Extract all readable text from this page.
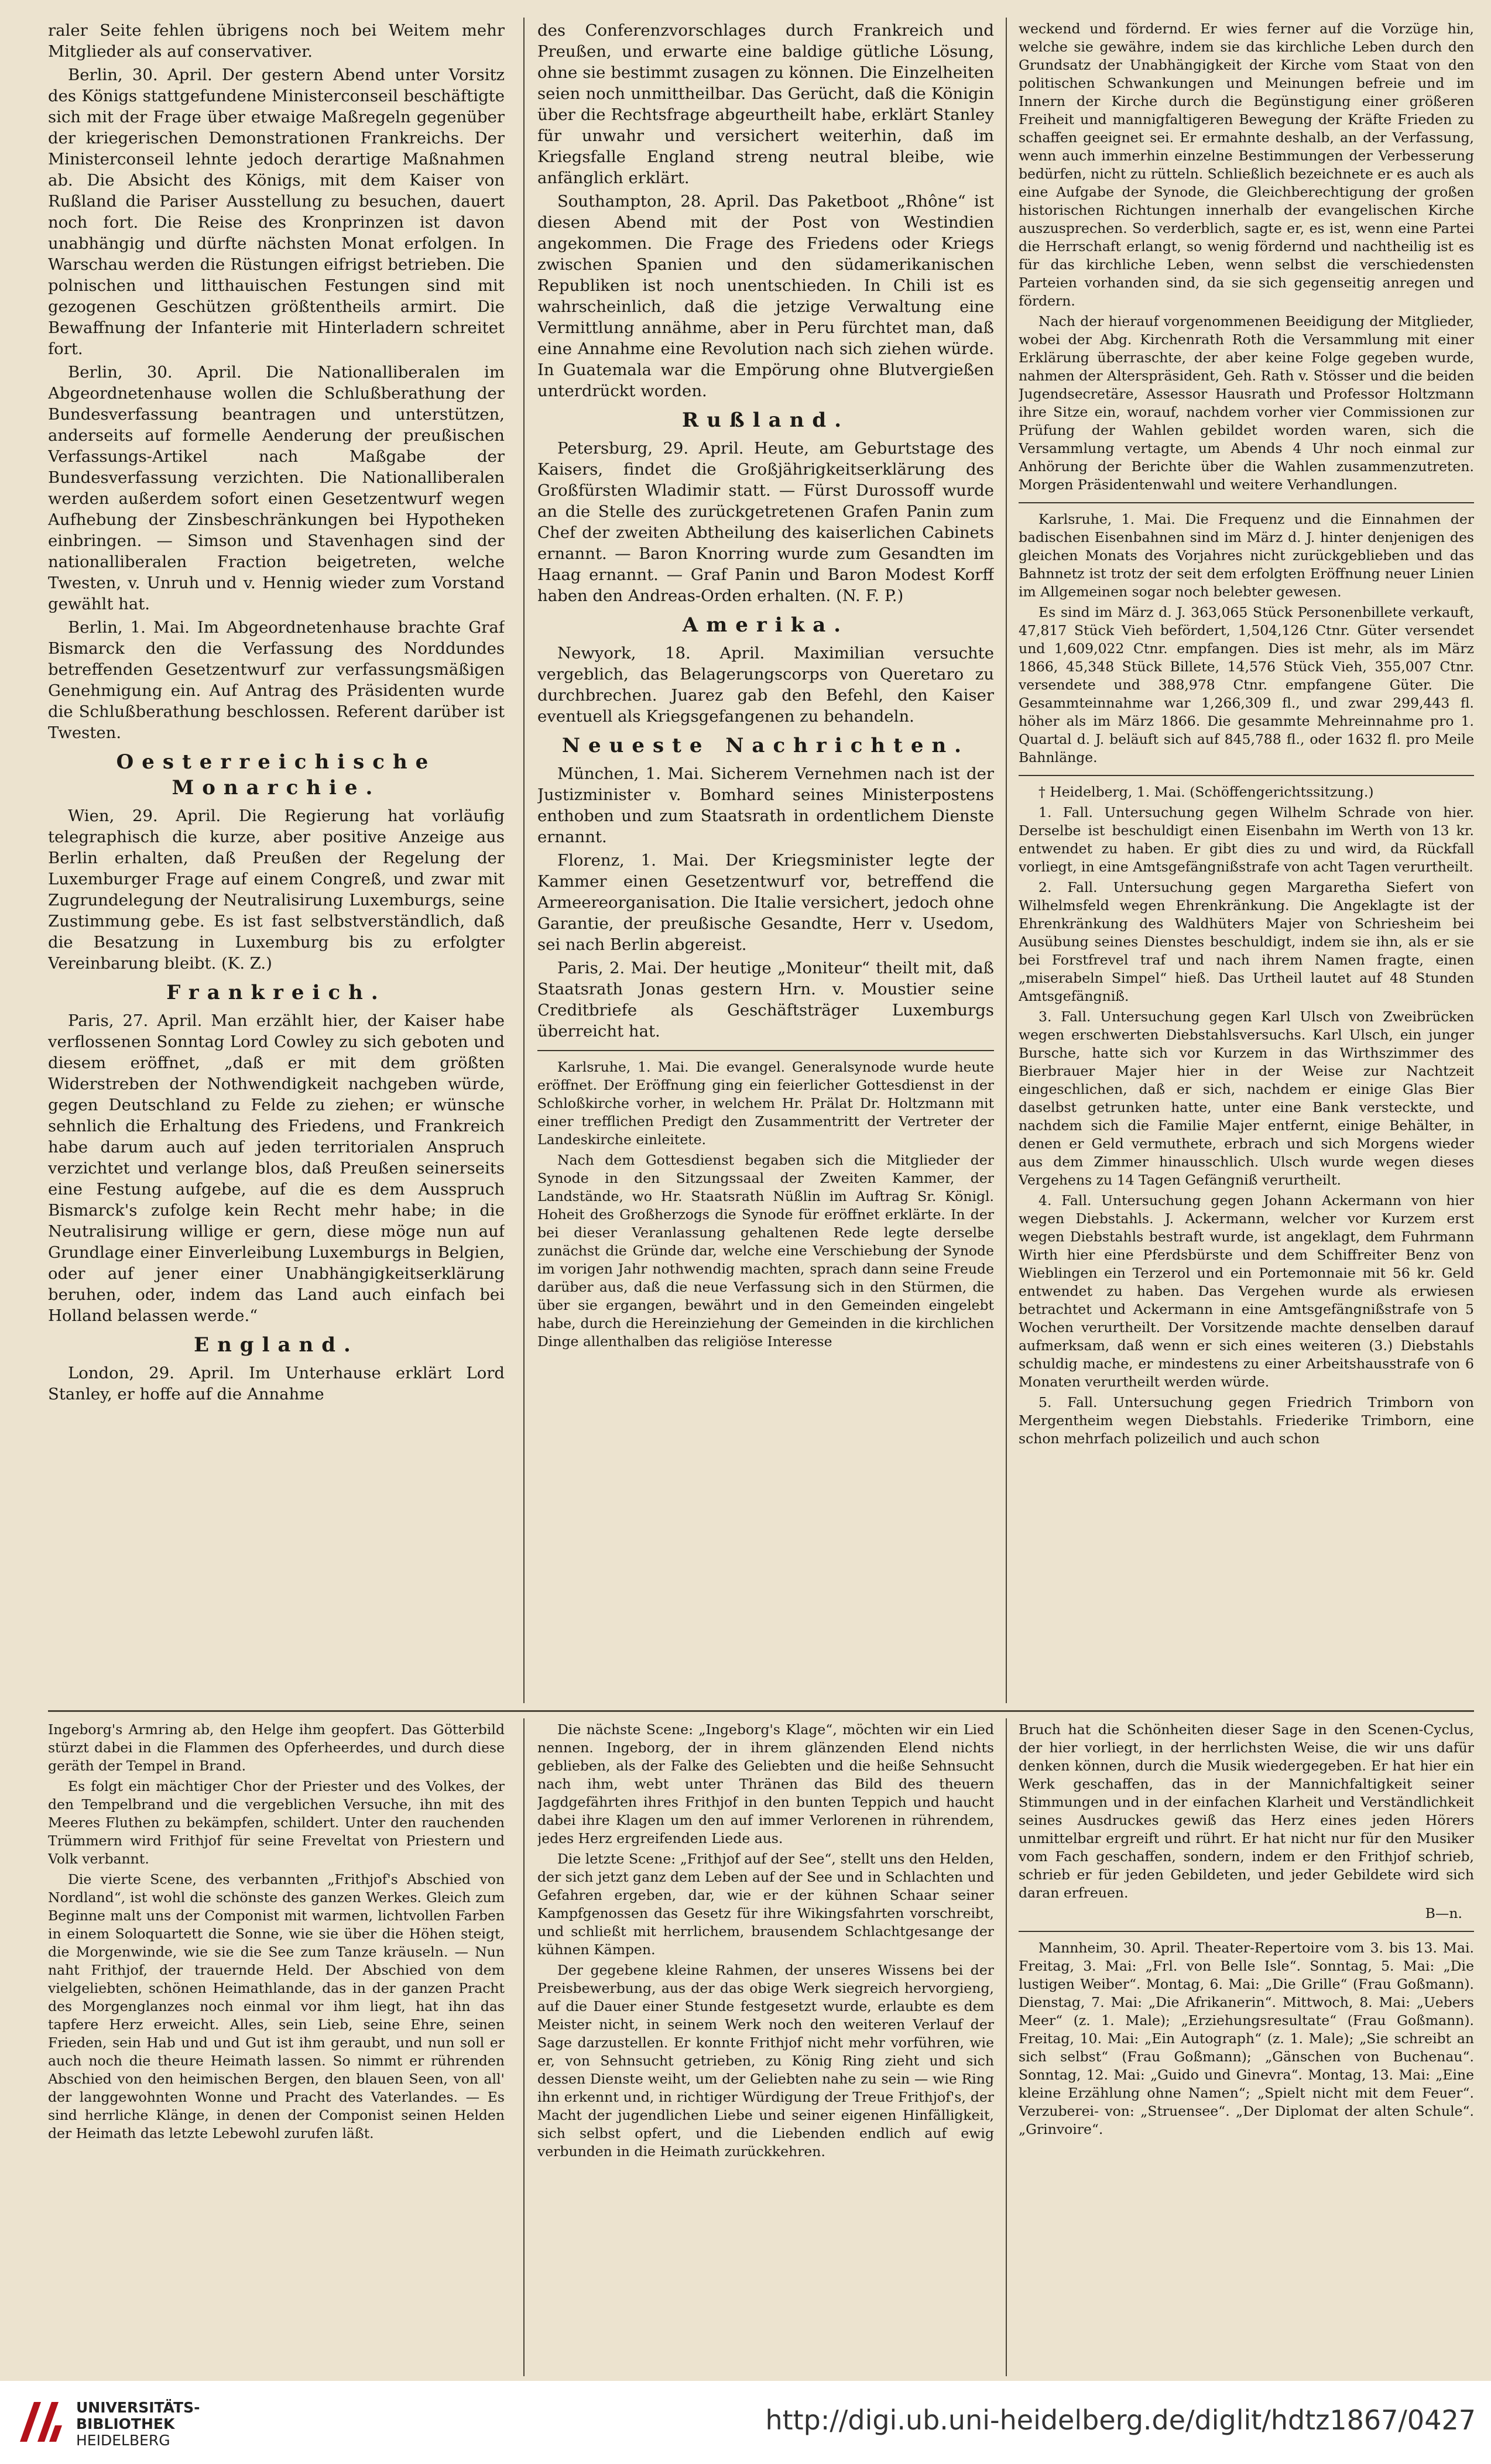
raler Seite fehlen übrigens noch bei Weitem mehr Mitglieder als auf conservativer.

Berlin, 30. April. Der gestern Abend unter Vorsitz des Königs stattgefundene Ministerconseil beschäftigte sich mit der Frage über etwaige Maßregeln gegenüber der kriegerischen Demonstrationen Frankreichs. Der Ministerconseil lehnte jedoch derartige Maßnahmen ab. Die Absicht des Königs, mit dem Kaiser von Rußland die Pariser Ausstellung zu besuchen, dauert noch fort. Die Reise des Kronprinzen ist davon unabhängig und dürfte nächsten Monat erfolgen. In Warschau werden die Rüstungen eifrigst betrieben. Die polnischen und litthauischen Festungen sind mit gezogenen Geschützen größtentheils armirt. Die Bewaffnung der Infanterie mit Hinterladern schreitet fort.

Berlin, 30. April. Die Nationalliberalen im Abgeordnetenhause wollen die Schlußberathung der Bundesverfassung beantragen und unterstützen, anderseits auf formelle Aenderung der preußischen Verfassungs-Artikel nach Maßgabe der Bundesverfassung verzichten. Die Nationalliberalen werden außerdem sofort einen Gesetzentwurf wegen Aufhebung der Zinsbeschränkungen bei Hypotheken einbringen. — Simson und Stavenhagen sind der nationalliberalen Fraction beigetreten, welche Twesten, v. Unruh und v. Hennig wieder zum Vorstand gewählt hat.

Berlin, 1. Mai. Im Abgeordnetenhause brachte Graf Bismarck den die Verfassung des Norddundes betreffenden Gesetzentwurf zur verfassungsmäßigen Genehmigung ein. Auf Antrag des Präsidenten wurde die Schlußberathung beschlossen. Referent darüber ist Twesten.

Oesterreichische Monarchie.

Wien, 29. April. Die Regierung hat vorläufig telegraphisch die kurze, aber positive Anzeige aus Berlin erhalten, daß Preußen der Regelung der Luxemburger Frage auf einem Congreß, und zwar mit Zugrundelegung der Neutralisirung Luxemburgs, seine Zustimmung gebe. Es ist fast selbstverständlich, daß die Besatzung in Luxemburg bis zu erfolgter Vereinbarung bleibt. (K. Z.)

Frankreich.

Paris, 27. April. Man erzählt hier, der Kaiser habe verflossenen Sonntag Lord Cowley zu sich geboten und diesem eröffnet, „daß er mit dem größten Widerstreben der Nothwendigkeit nachgeben würde, gegen Deutschland zu Felde zu ziehen; er wünsche sehnlich die Erhaltung des Friedens, und Frankreich habe darum auch auf jeden territorialen Anspruch verzichtet und verlange blos, daß Preußen seinerseits eine Festung aufgebe, auf die es dem Ausspruch Bismarck's zufolge kein Recht mehr habe; in die Neutralisirung willige er gern, diese möge nun auf Grundlage einer Einverleibung Luxemburgs in Belgien, oder auf jener einer Unabhängigkeitserklärung beruhen, oder, indem das Land auch einfach bei Holland belassen werde.“

England.

London, 29. April. Im Unterhause erklärt Lord Stanley, er hoffe auf die Annahme

des Conferenzvorschlages durch Frankreich und Preußen, und erwarte eine baldige gütliche Lösung, ohne sie bestimmt zusagen zu können. Die Einzelheiten seien noch unmittheilbar. Das Gerücht, daß die Königin über die Rechtsfrage abgeurtheilt habe, erklärt Stanley für unwahr und versichert weiterhin, daß im Kriegsfalle England streng neutral bleibe, wie anfänglich erklärt.

Southampton, 28. April. Das Paketboot „Rhône“ ist diesen Abend mit der Post von Westindien angekommen. Die Frage des Friedens oder Kriegs zwischen Spanien und den südamerikanischen Republiken ist noch unentschieden. In Chili ist es wahrscheinlich, daß die jetzige Verwaltung eine Vermittlung annähme, aber in Peru fürchtet man, daß eine Annahme eine Revolution nach sich ziehen würde. In Guatemala war die Empörung ohne Blutvergießen unterdrückt worden.

Rußland.

Petersburg, 29. April. Heute, am Geburtstage des Kaisers, findet die Großjährigkeitserklärung des Großfürsten Wladimir statt. — Fürst Durossoff wurde an die Stelle des zurückgetretenen Grafen Panin zum Chef der zweiten Abtheilung des kaiserlichen Cabinets ernannt. — Baron Knorring wurde zum Gesandten im Haag ernannt. — Graf Panin und Baron Modest Korff haben den Andreas-Orden erhalten. (N. F. P.)

Amerika.

Newyork, 18. April. Maximilian versuchte vergeblich, das Belagerungscorps von Queretaro zu durchbrechen. Juarez gab den Befehl, den Kaiser eventuell als Kriegsgefangenen zu behandeln.

Neueste Nachrichten.

München, 1. Mai. Sicherem Vernehmen nach ist der Justizminister v. Bomhard seines Ministerpostens enthoben und zum Staatsrath in ordentlichem Dienste ernannt.

Florenz, 1. Mai. Der Kriegsminister legte der Kammer einen Gesetzentwurf vor, betreffend die Armeereorganisation. Die Italie versichert, jedoch ohne Garantie, der preußische Gesandte, Herr v. Usedom, sei nach Berlin abgereist.

Paris, 2. Mai. Der heutige „Moniteur“ theilt mit, daß Staatsrath Jonas gestern Hrn. v. Moustier seine Creditbriefe als Geschäftsträger Luxemburgs überreicht hat.

Karlsruhe, 1. Mai. Die evangel. Generalsynode wurde heute eröffnet. Der Eröffnung ging ein feierlicher Gottesdienst in der Schloßkirche vorher, in welchem Hr. Prälat Dr. Holtzmann mit einer trefflichen Predigt den Zusammentritt der Vertreter der Landeskirche einleitete.

Nach dem Gottesdienst begaben sich die Mitglieder der Synode in den Sitzungssaal der Zweiten Kammer, der Landstände, wo Hr. Staatsrath Nüßlin im Auftrag Sr. Königl. Hoheit des Großherzogs die Synode für eröffnet erklärte. In der bei dieser Veranlassung gehaltenen Rede legte derselbe zunächst die Gründe dar, welche eine Verschiebung der Synode im vorigen Jahr nothwendig machten, sprach dann seine Freude darüber aus, daß die neue Verfassung sich in den Stürmen, die über sie ergangen, bewährt und in den Gemeinden eingelebt habe, durch die Hereinziehung der Gemeinden in die kirchlichen Dinge allenthalben das religiöse Interesse

weckend und fördernd. Er wies ferner auf die Vorzüge hin, welche sie gewähre, indem sie das kirchliche Leben durch den Grundsatz der Unabhängigkeit der Kirche vom Staat von den politischen Schwankungen und Meinungen befreie und im Innern der Kirche durch die Begünstigung einer größeren Freiheit und mannigfaltigeren Bewegung der Kräfte Frieden zu schaffen geeignet sei. Er ermahnte deshalb, an der Verfassung, wenn auch immerhin einzelne Bestimmungen der Verbesserung bedürfen, nicht zu rütteln. Schließlich bezeichnete er es auch als eine Aufgabe der Synode, die Gleichberechtigung der großen historischen Richtungen innerhalb der evangelischen Kirche auszusprechen. So verderblich, sagte er, es ist, wenn eine Partei die Herrschaft erlangt, so wenig fördernd und nachtheilig ist es für das kirchliche Leben, wenn selbst die verschiedensten Parteien vorhanden sind, da sie sich gegenseitig anregen und fördern.

Nach der hierauf vorgenommenen Beeidigung der Mitglieder, wobei der Abg. Kirchenrath Roth die Versammlung mit einer Erklärung überraschte, der aber keine Folge gegeben wurde, nahmen der Alterspräsident, Geh. Rath v. Stösser und die beiden Jugendsecretäre, Assessor Hausrath und Professor Holtzmann ihre Sitze ein, worauf, nachdem vorher vier Commissionen zur Prüfung der Wahlen gebildet worden waren, sich die Versammlung vertagte, um Abends 4 Uhr noch einmal zur Anhörung der Berichte über die Wahlen zusammenzutreten. Morgen Präsidentenwahl und weitere Verhandlungen.

Karlsruhe, 1. Mai. Die Frequenz und die Einnahmen der badischen Eisenbahnen sind im März d. J. hinter denjenigen des gleichen Monats des Vorjahres nicht zurückgeblieben und das Bahnnetz ist trotz der seit dem erfolgten Eröffnung neuer Linien im Allgemeinen sogar noch belebter gewesen.

Es sind im März d. J. 363,065 Stück Personenbillete verkauft, 47,817 Stück Vieh befördert, 1,504,126 Ctnr. Güter versendet und 1,609,022 Ctnr. empfangen. Dies ist mehr, als im März 1866, 45,348 Stück Billete, 14,576 Stück Vieh, 355,007 Ctnr. versendete und 388,978 Ctnr. empfangene Güter. Die Gesammteinnahme war 1,266,309 fl., und zwar 299,443 fl. höher als im März 1866. Die gesammte Mehreinnahme pro 1. Quartal d. J. beläuft sich auf 845,788 fl., oder 1632 fl. pro Meile Bahnlänge.

† Heidelberg, 1. Mai. (Schöffengerichtssitzung.)

1. Fall. Untersuchung gegen Wilhelm Schrade von hier. Derselbe ist beschuldigt einen Eisenbahn im Werth von 13 kr. entwendet zu haben. Er gibt dies zu und wird, da Rückfall vorliegt, in eine Amtsgefängnißstrafe von acht Tagen verurtheilt.

2. Fall. Untersuchung gegen Margaretha Siefert von Wilhelmsfeld wegen Ehrenkränkung. Die Angeklagte ist der Ehrenkränkung des Waldhüters Majer von Schriesheim bei Ausübung seines Dienstes beschuldigt, indem sie ihn, als er sie bei Forstfrevel traf und nach ihrem Namen fragte, einen „miserabeln Simpel“ hieß. Das Urtheil lautet auf 48 Stunden Amtsgefängniß.

3. Fall. Untersuchung gegen Karl Ulsch von Zweibrücken wegen erschwerten Diebstahlsversuchs. Karl Ulsch, ein junger Bursche, hatte sich vor Kurzem in das Wirthszimmer des Bierbrauer Majer hier in der Weise zur Nachtzeit eingeschlichen, daß er sich, nachdem er einige Glas Bier daselbst getrunken hatte, unter eine Bank versteckte, und nachdem sich die Familie Majer entfernt, einige Behälter, in denen er Geld vermuthete, erbrach und sich Morgens wieder aus dem Zimmer hinausschlich. Ulsch wurde wegen dieses Vergehens zu 14 Tagen Gefängniß verurtheilt.

4. Fall. Untersuchung gegen Johann Ackermann von hier wegen Diebstahls. J. Ackermann, welcher vor Kurzem erst wegen Diebstahls bestraft wurde, ist angeklagt, dem Fuhrmann Wirth hier eine Pferdsbürste und dem Schiffreiter Benz von Wieblingen ein Terzerol und ein Portemonnaie mit 56 kr. Geld entwendet zu haben. Das Vergehen wurde als erwiesen betrachtet und Ackermann in eine Amtsgefängnißstrafe von 5 Wochen verurtheilt. Der Vorsitzende machte denselben darauf aufmerksam, daß wenn er sich eines weiteren (3.) Diebstahls schuldig mache, er mindestens zu einer Arbeitshausstrafe von 6 Monaten verurtheilt werden würde.

5. Fall. Untersuchung gegen Friedrich Trimborn von Mergentheim wegen Diebstahls. Friederike Trimborn, eine schon mehrfach polizeilich und auch schon

Ingeborg's Armring ab, den Helge ihm geopfert. Das Götterbild stürzt dabei in die Flammen des Opferheerdes, und durch diese geräth der Tempel in Brand.

Es folgt ein mächtiger Chor der Priester und des Volkes, der den Tempelbrand und die vergeblichen Versuche, ihn mit des Meeres Fluthen zu bekämpfen, schildert. Unter den rauchenden Trümmern wird Frithjof für seine Freveltat von Priestern und Volk verbannt.

Die vierte Scene, des verbannten „Frithjof's Abschied von Nordland“, ist wohl die schönste des ganzen Werkes. Gleich zum Beginne malt uns der Componist mit warmen, lichtvollen Farben in einem Soloquartett die Sonne, wie sie über die Höhen steigt, die Morgenwinde, wie sie die See zum Tanze kräuseln. — Nun naht Frithjof, der trauernde Held. Der Abschied von dem vielgeliebten, schönen Heimathlande, das in der ganzen Pracht des Morgenglanzes noch einmal vor ihm liegt, hat ihn das tapfere Herz erweicht. Alles, sein Lieb, seine Ehre, seinen Frieden, sein Hab und und Gut ist ihm geraubt, und nun soll er auch noch die theure Heimath lassen. So nimmt er rührenden Abschied von den heimischen Bergen, den blauen Seen, von all' der langgewohnten Wonne und Pracht des Vaterlandes. — Es sind herrliche Klänge, in denen der Componist seinen Helden der Heimath das letzte Lebewohl zurufen läßt.

Die nächste Scene: „Ingeborg's Klage“, möchten wir ein Lied nennen. Ingeborg, der in ihrem glänzenden Elend nichts geblieben, als der Falke des Geliebten und die heiße Sehnsucht nach ihm, webt unter Thränen das Bild des theuern Jagdgefährten ihres Frithjof in den bunten Teppich und haucht dabei ihre Klagen um den auf immer Verlorenen in rührendem, jedes Herz ergreifenden Liede aus.

Die letzte Scene: „Frithjof auf der See“, stellt uns den Helden, der sich jetzt ganz dem Leben auf der See und in Schlachten und Gefahren ergeben, dar, wie er der kühnen Schaar seiner Kampfgenossen das Gesetz für ihre Wikingsfahrten vorschreibt, und schließt mit herrlichem, brausendem Schlachtgesange der kühnen Kämpen.

Der gegebene kleine Rahmen, der unseres Wissens bei der Preisbewerbung, aus der das obige Werk siegreich hervorgieng, auf die Dauer einer Stunde festgesetzt wurde, erlaubte es dem Meister nicht, in seinem Werk noch den weiteren Verlauf der Sage darzustellen. Er konnte Frithjof nicht mehr vorführen, wie er, von Sehnsucht getrieben, zu König Ring zieht und sich dessen Dienste weiht, um der Geliebten nahe zu sein — wie Ring ihn erkennt und, in richtiger Würdigung der Treue Frithjof's, der Macht der jugendlichen Liebe und seiner eigenen Hinfälligkeit, sich selbst opfert, und die Liebenden endlich auf ewig verbunden in die Heimath zurückkehren.

Bruch hat die Schönheiten dieser Sage in den Scenen-Cyclus, der hier vorliegt, in der herrlichsten Weise, die wir uns dafür denken können, durch die Musik wiedergegeben. Er hat hier ein Werk geschaffen, das in der Mannichfaltigkeit seiner Stimmungen und in der einfachen Klarheit und Verständlichkeit seines Ausdruckes gewiß das Herz eines jeden Hörers unmittelbar ergreift und rührt. Er hat nicht nur für den Musiker vom Fach geschaffen, sondern, indem er den Frithjof schrieb, schrieb er für jeden Gebildeten, und jeder Gebildete wird sich daran erfreuen.

B—n.

Mannheim, 30. April. Theater-Repertoire vom 3. bis 13. Mai. Freitag, 3. Mai: „Frl. von Belle Isle“. Sonntag, 5. Mai: „Die lustigen Weiber“. Montag, 6. Mai: „Die Grille“ (Frau Goßmann). Dienstag, 7. Mai: „Die Afrikanerin“. Mittwoch, 8. Mai: „Uebers Meer“ (z. 1. Male); „Erziehungsresultate“ (Frau Goßmann). Freitag, 10. Mai: „Ein Autograph“ (z. 1. Male); „Sie schreibt an sich selbst“ (Frau Goßmann); „Gänschen von Buchenau“. Sonntag, 12. Mai: „Guido und Ginevra“. Montag, 13. Mai: „Eine kleine Erzählung ohne Namen“; „Spielt nicht mit dem Feuer“. Verzuberei- von: „Struensee“. „Der Diplomat der alten Schule“. „Grinvoire“.

UNIVERSITÄTS-
BIBLIOTHEK
HEIDELBERG
http://digi.ub.uni-heidelberg.de/diglit/hdtz1867/0427
